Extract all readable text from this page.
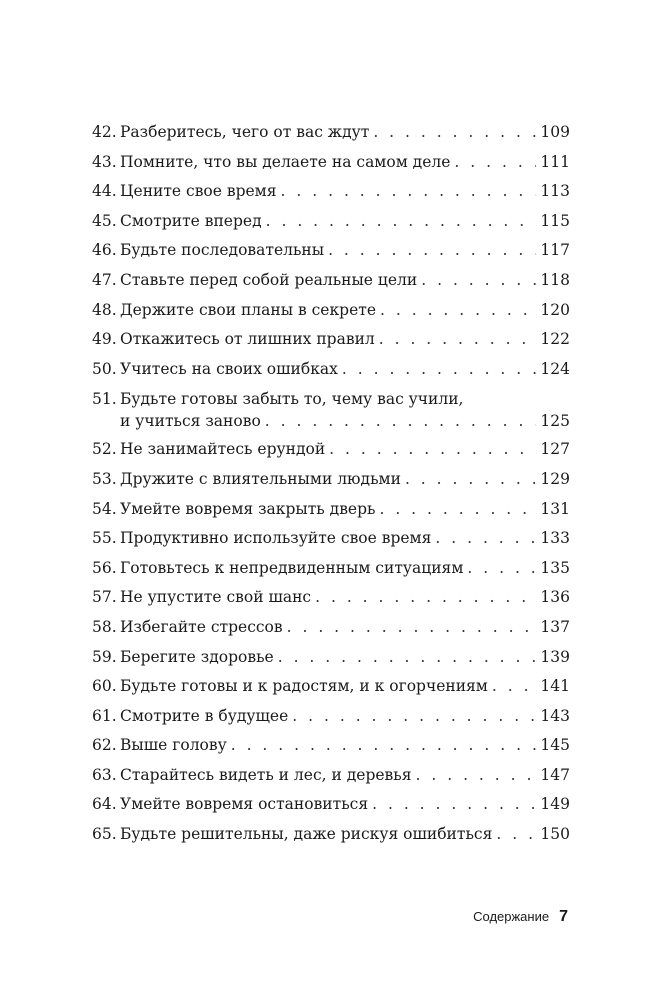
42. Разберитесь, чего от вас ждут . . .	109
43. Помните, что вы делаете на самом деле . . .	111
44. Цените свое время . . .	113
45. Смотрите вперед . . .	115
46. Будьте последовательны . . .	117
47. Ставьте перед собой реальные цели . . .	118
48. Держите свои планы в секрете . . .	120
49. Откажитесь от лишних правил . . .	122
50. Учитесь на своих ошибках . . .	124
51. Будьте готовы забыть то, чему вас учили,
и учиться заново . . .	125
52. Не занимайтесь ерундой . . .	127
53. Дружите с влиятельными людьми . . .	129
54. Умейте вовремя закрыть дверь . . .	131
55. Продуктивно используйте свое время . . .	133
56. Готовьтесь к непредвиденным ситуациям . . .	135
57. Не упустите свой шанс . . .	136
58. Избегайте стрессов . . .	137
59. Берегите здоровье . . .	139
60. Будьте готовы и к радостям, и к огорчениям . . .	141
61. Смотрите в будущее . . .	143
62. Выше голову . . .	145
63. Старайтесь видеть и лес, и деревья . . .	147
64. Умейте вовремя остановиться . . .	149
65. Будьте решительны, даже рискуя ошибиться . . .	150
Содержание 7
